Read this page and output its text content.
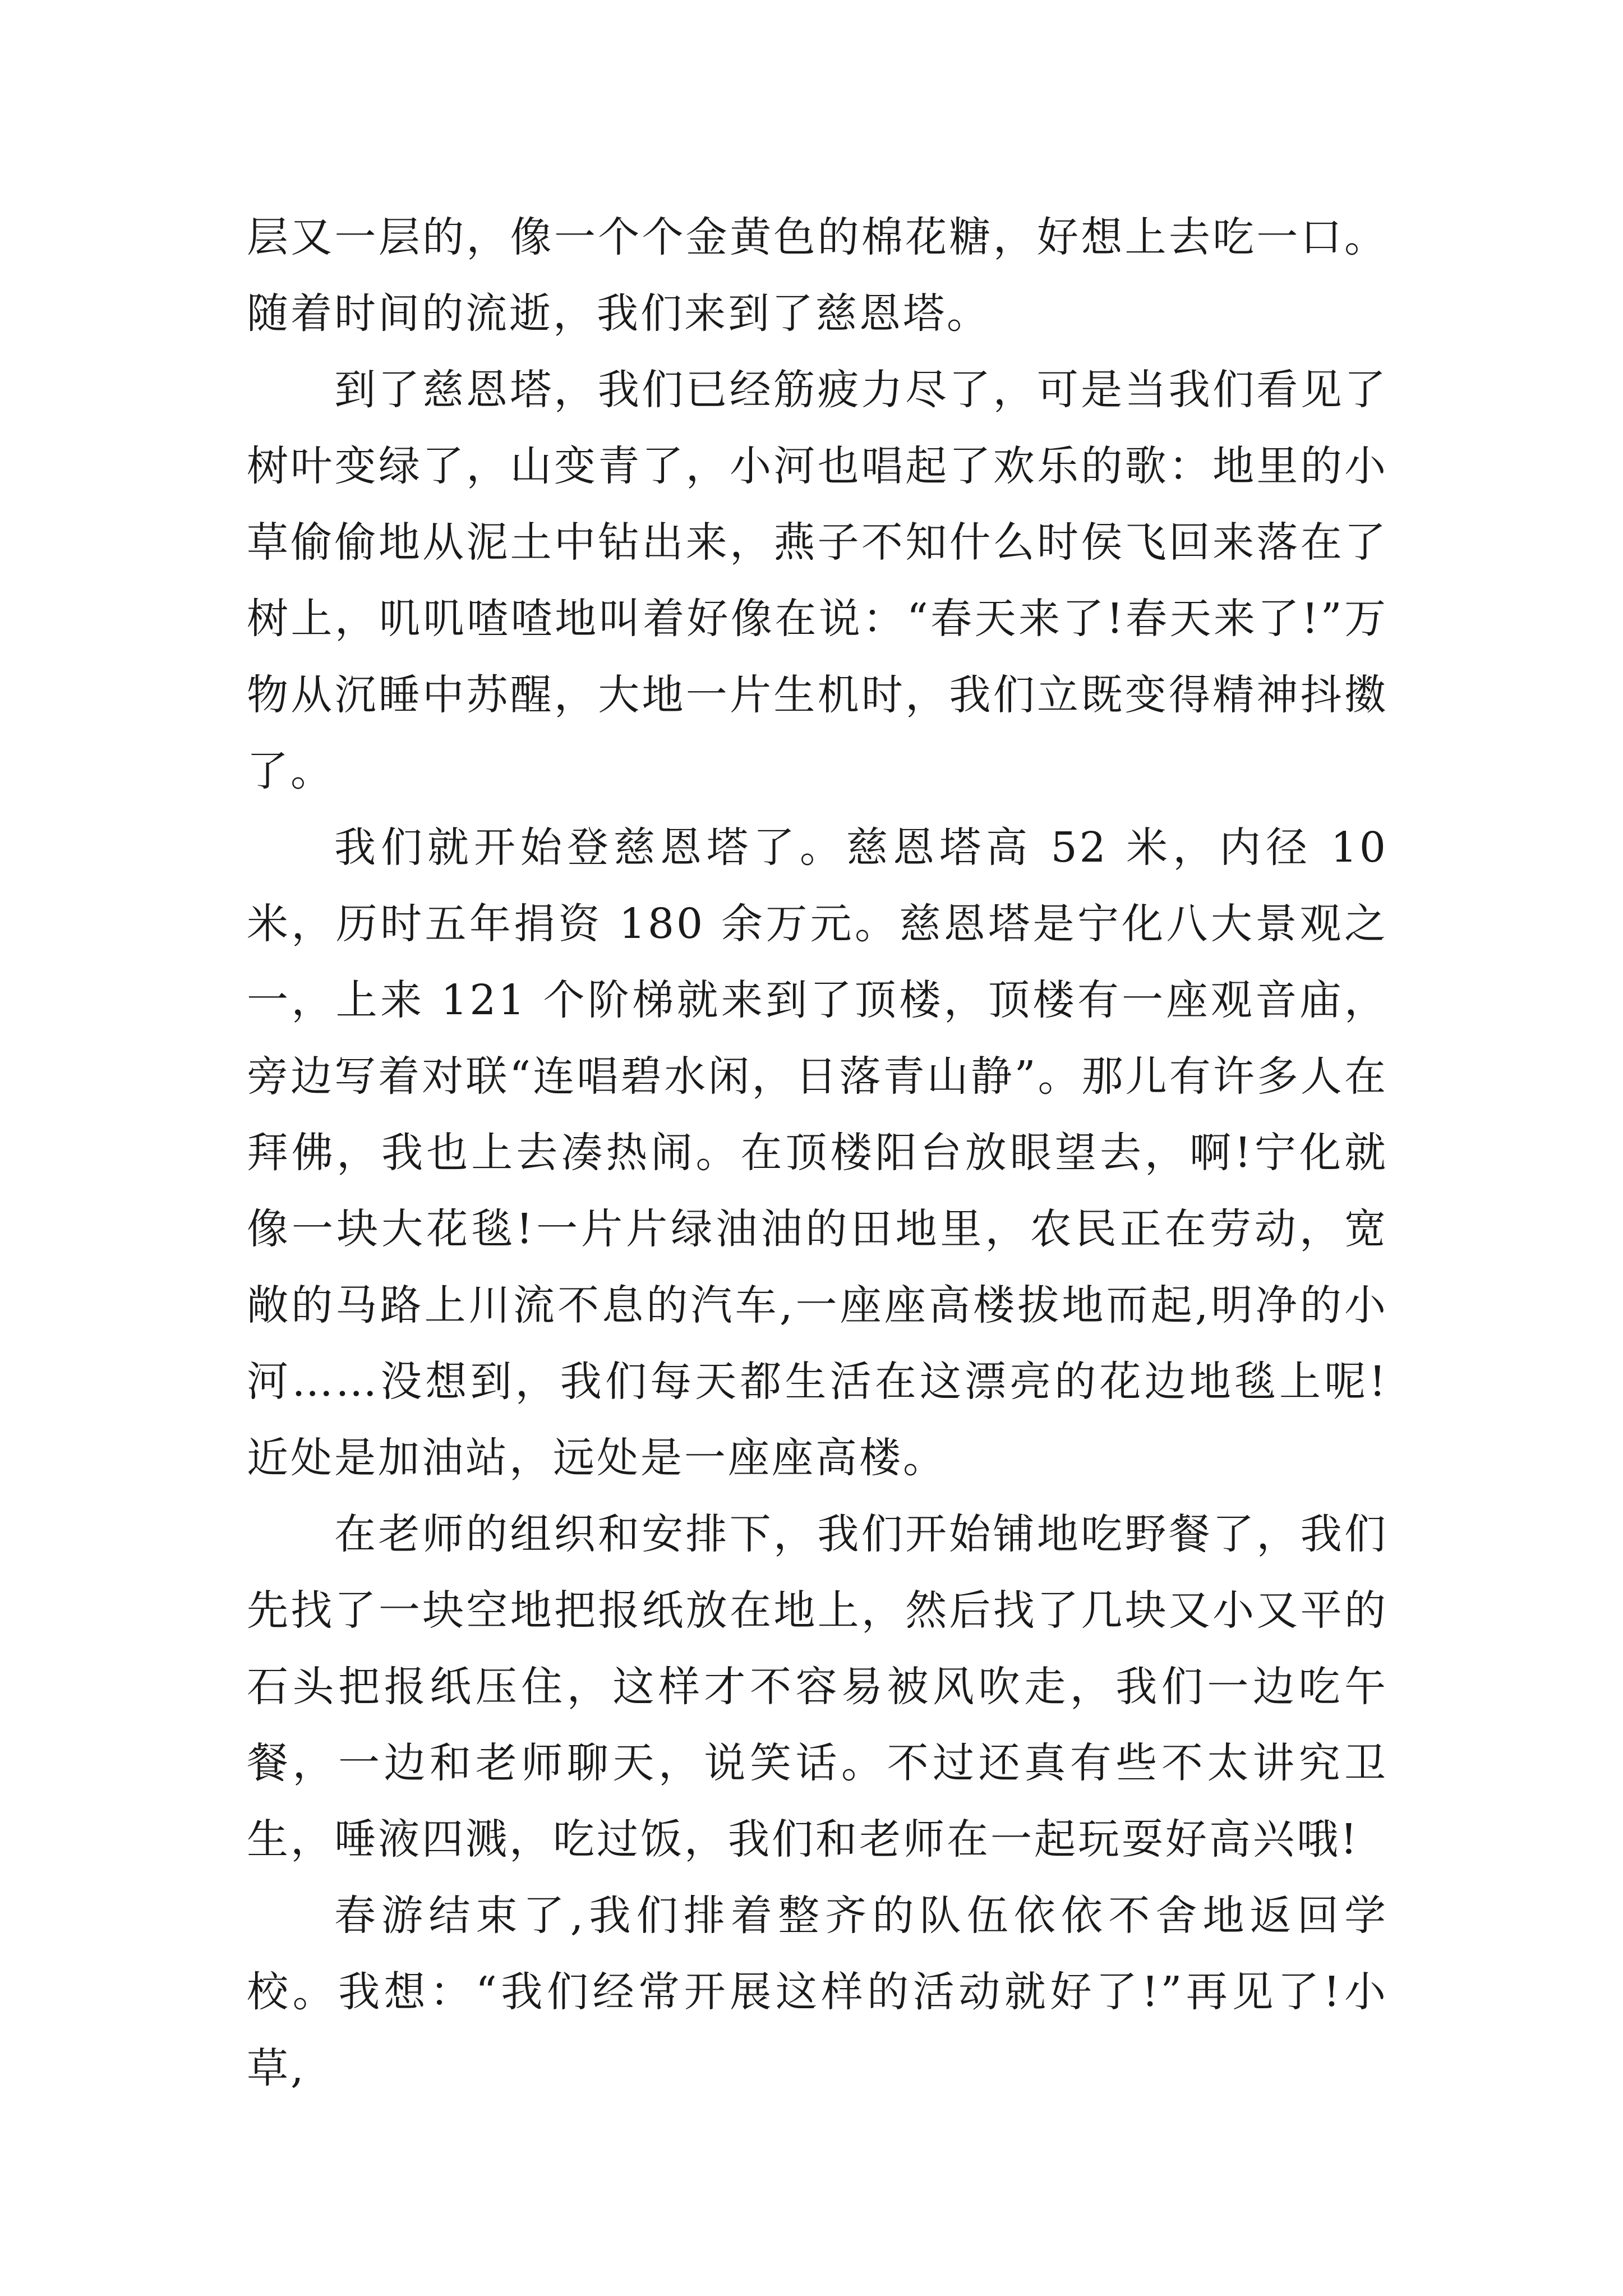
层又一层的，像一个个金黄色的棉花糖，好想上去吃一口。随着时间的流逝，我们来到了慈恩塔。

到了慈恩塔，我们已经筋疲力尽了，可是当我们看见了树叶变绿了，山变青了，小河也唱起了欢乐的歌：地里的小草偷偷地从泥土中钻出来，燕子不知什么时侯飞回来落在了树上，叽叽喳喳地叫着好像在说：“春天来了!春天来了!”万物从沉睡中苏醒，大地一片生机时，我们立既变得精神抖擞了。

我们就开始登慈恩塔了。慈恩塔高 52 米，内径 10 米，历时五年捐资 180 余万元。慈恩塔是宁化八大景观之一，上来 121 个阶梯就来到了顶楼，顶楼有一座观音庙，旁边写着对联“连唱碧水闲，日落青山静”。那儿有许多人在拜佛，我也上去凑热闹。在顶楼阳台放眼望去，啊!宁化就像一块大花毯!一片片绿油油的田地里，农民正在劳动，宽敞的马路上川流不息的汽车,一座座高楼拔地而起,明净的小河……没想到，我们每天都生活在这漂亮的花边地毯上呢!近处是加油站，远处是一座座高楼。

在老师的组织和安排下，我们开始铺地吃野餐了，我们先找了一块空地把报纸放在地上，然后找了几块又小又平的石头把报纸压住，这样才不容易被风吹走，我们一边吃午餐，一边和老师聊天，说笑话。不过还真有些不太讲究卫生，唾液四溅，吃过饭，我们和老师在一起玩耍好高兴哦!

春游结束了,我们排着整齐的队伍依依不舍地返回学校。我想：“我们经常开展这样的活动就好了!”再见了!小草,
